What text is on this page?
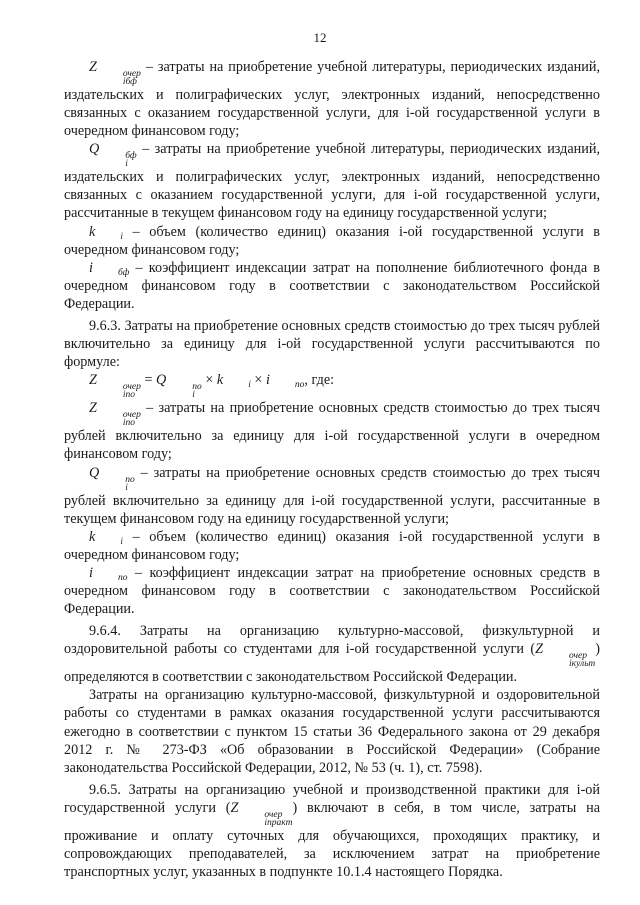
12

Z	очер
iбф
– затраты на приобретение учебной литературы, периодических изданий, издательских и полиграфических услуг, электронных изданий, непосредственно связанных с оказанием государственной услуги, для i-ой государственной услуги в очередном финансовом году;

Q	бф
i
– затраты на приобретение учебной литературы, периодических изданий, издательских и полиграфических услуг, электронных изданий, непосредственно связанных с оказанием государственной услуги, для i-ой государственной услуги, рассчитанные в текущем финансовом году на единицу государственной услуги;

k	i – объем (количество единиц) оказания i-ой государственной услуги в очередном финансовом году;

i	бф – коэффициент индексации затрат на пополнение библиотечного фонда в очередном финансовом году в соответствии с законодательством Российской Федерации.

9.6.3. Затраты на приобретение основных средств стоимостью до трех тысяч рублей включительно за единицу для i-ой государственной услуги рассчитываются по формуле:

Z	очер
iпо
= Q	по
i
× k	i × i	по, где:

Z	очер
iпо
– затраты на приобретение основных средств стоимостью до трех тысяч рублей включительно за единицу для i-ой государственной услуги в очередном финансовом году;

Q	по
i
– затраты на приобретение основных средств стоимостью до трех тысяч рублей включительно за единицу для i-ой государственной услуги, рассчитанные в текущем финансовом году на единицу государственной услуги;

k	i – объем (количество единиц) оказания i-ой государственной услуги в очередном финансовом году;

i	по – коэффициент индексации затрат на приобретение основных средств в очередном финансовом году в соответствии с законодательством Российской Федерации.

9.6.4. Затраты на организацию культурно-массовой, физкультурной и оздоровительной работы со студентами для i-ой государственной услуги (Z	очер
iкульт
) определяются в соответствии с законодательством Российской Федерации.

Затраты на организацию культурно-массовой, физкультурной и оздоровительной работы со студентами в рамках оказания государственной услуги рассчитываются ежегодно в соответствии с пунктом 15 статьи 36 Федерального закона от 29 декабря 2012 г. № 273-ФЗ «Об образовании в Российской Федерации» (Собрание законодательства Российской Федерации, 2012, № 53 (ч. 1), ст. 7598).

9.6.5. Затраты на организацию учебной и производственной практики для i-ой государственной услуги (Z	очер
iпракт
) включают в себя, в том числе, затраты на проживание и оплату суточных для обучающихся, проходящих практику, и сопровождающих преподавателей, за исключением затрат на приобретение транспортных услуг, указанных в подпункте 10.1.4 настоящего Порядка.
